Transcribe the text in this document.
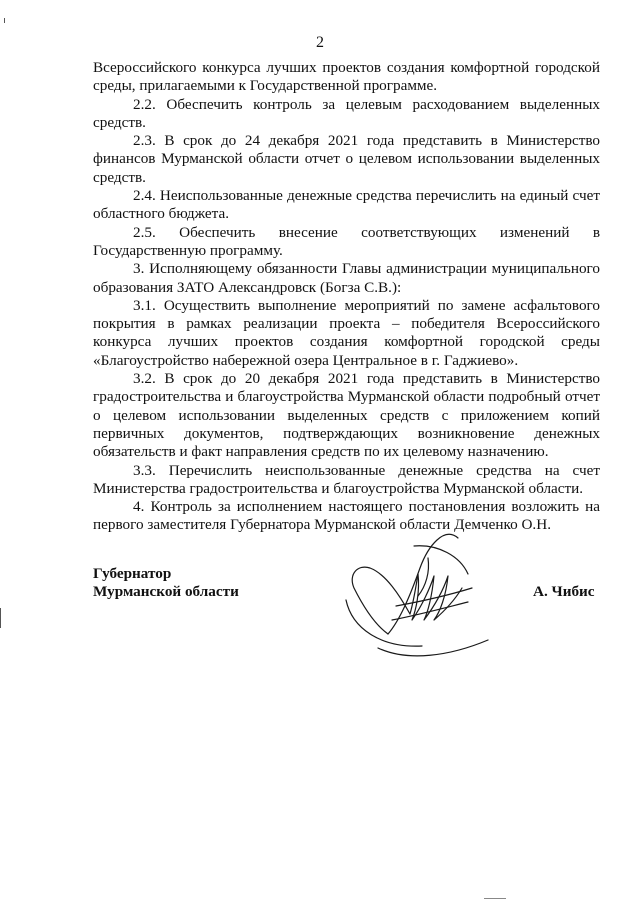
2

Всероссийского конкурса лучших проектов создания комфортной городской среды, прилагаемыми к Государственной программе.

2.2. Обеспечить контроль за целевым расходованием выделенных средств.

2.3. В срок до 24 декабря 2021 года представить в Министерство финансов Мурманской области отчет о целевом использовании выделенных средств.

2.4. Неиспользованные денежные средства перечислить на единый счет областного бюджета.

2.5. Обеспечить внесение соответствующих изменений в Государственную программу.

3. Исполняющему обязанности Главы администрации муниципального образования ЗАТО Александровск (Богза С.В.):

3.1. Осуществить выполнение мероприятий по замене асфальтового покрытия в рамках реализации проекта – победителя Всероссийского конкурса лучших проектов создания комфортной городской среды «Благоустройство набережной озера Центральное в г. Гаджиево».

3.2. В срок до 20 декабря 2021 года представить в Министерство градостроительства и благоустройства Мурманской области подробный отчет о целевом использовании выделенных средств с приложением копий первичных документов, подтверждающих возникновение денежных обязательств и факт направления средств по их целевому назначению.

3.3. Перечислить неиспользованные денежные средства на счет Министерства градостроительства и благоустройства Мурманской области.

4. Контроль за исполнением настоящего постановления возложить на первого заместителя Губернатора Мурманской области Демченко О.Н.

Губернатор
Мурманской области	А. Чибис
